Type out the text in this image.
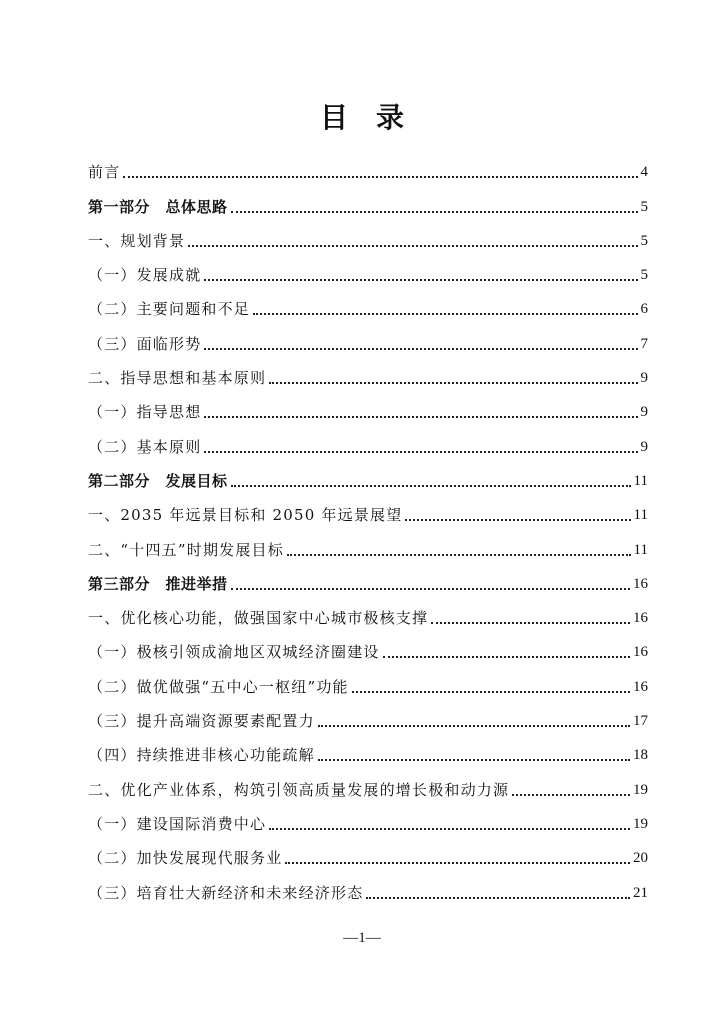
目　录
前言	4
第一部分　总体思路	5
一、规划背景	5
（一）发展成就	5
（二）主要问题和不足	6
（三）面临形势	7
二、指导思想和基本原则	9
（一）指导思想	9
（二）基本原则	9
第二部分　发展目标	11
一、2035 年远景目标和 2050 年远景展望	11
二、“十四五”时期发展目标	11
第三部分　推进举措	16
一、优化核心功能，做强国家中心城市极核支撑	16
（一）极核引领成渝地区双城经济圈建设	16
（二）做优做强“五中心一枢纽”功能	16
（三）提升高端资源要素配置力	17
（四）持续推进非核心功能疏解	18
二、优化产业体系，构筑引领高质量发展的增长极和动力源	19
（一）建设国际消费中心	19
（二）加快发展现代服务业	20
（三）培育壮大新经济和未来经济形态	21
—1—
